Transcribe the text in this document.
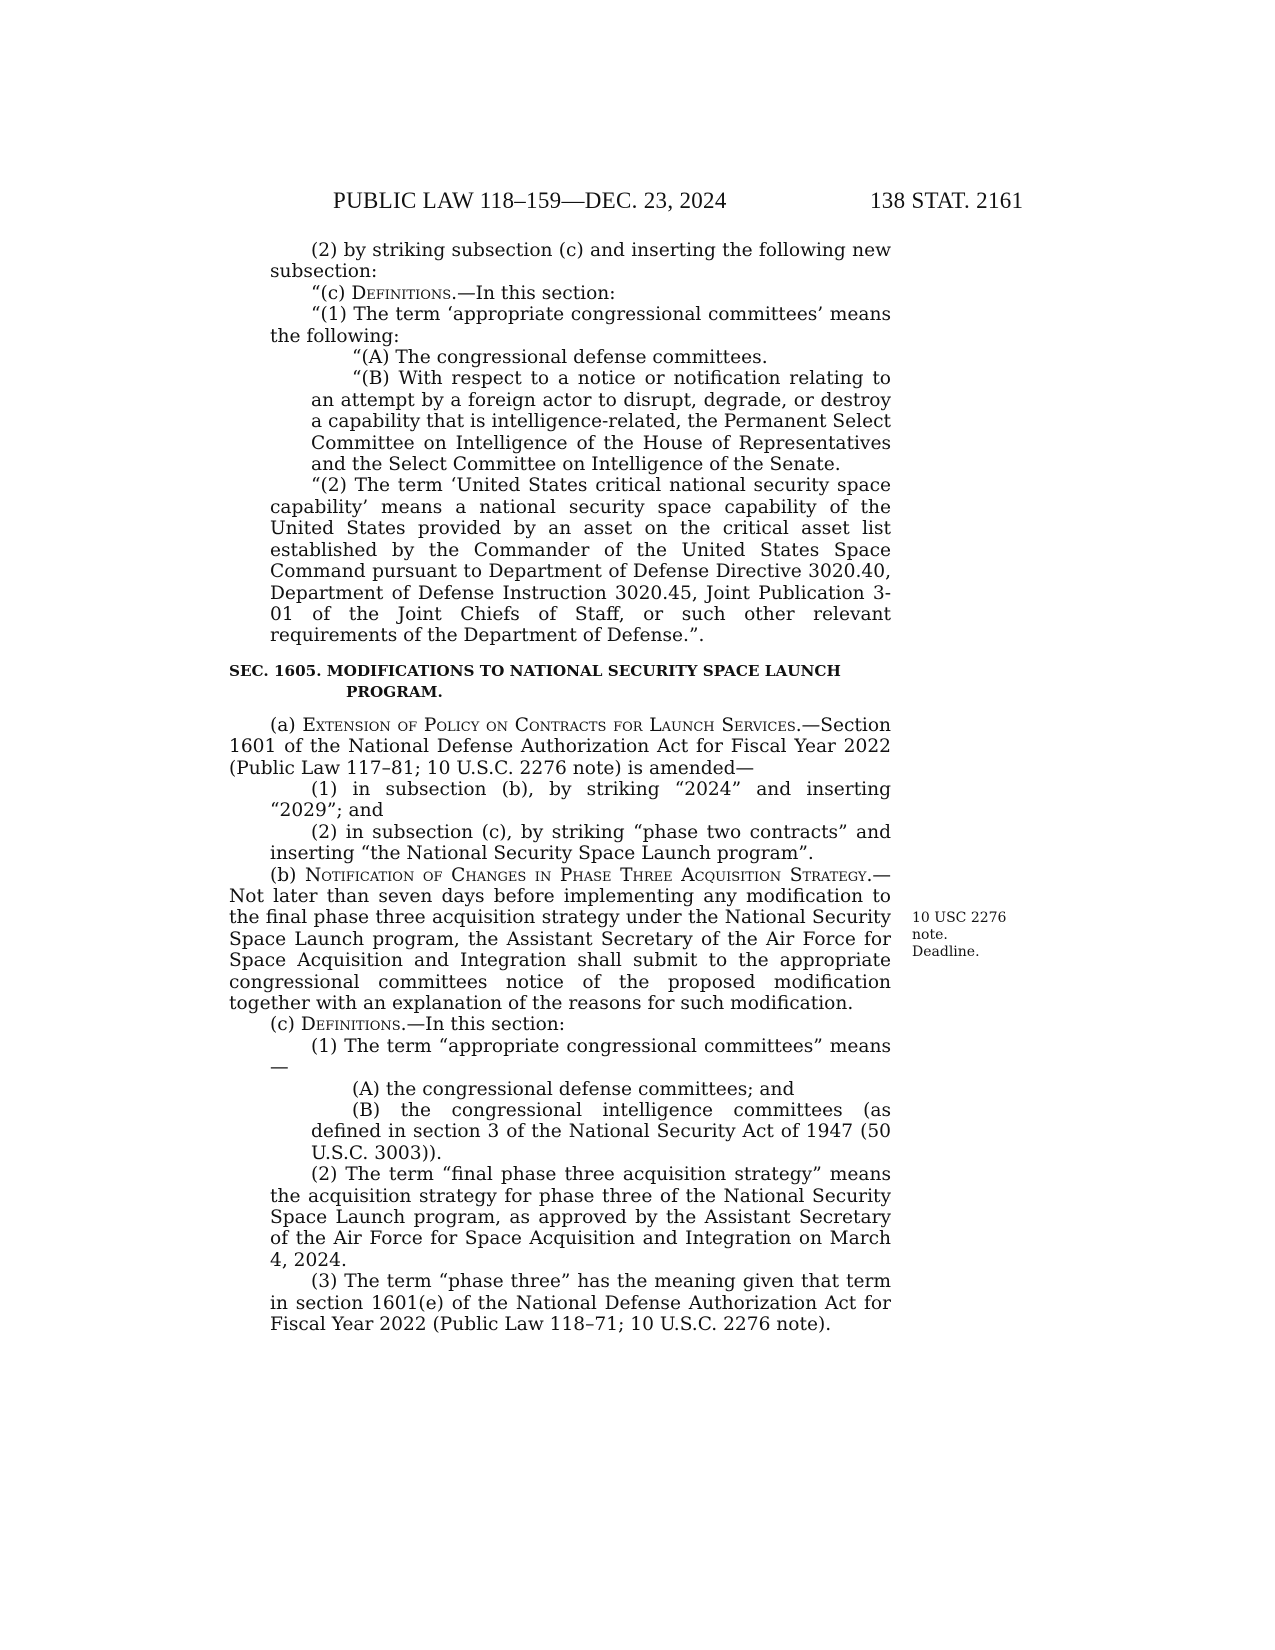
PUBLIC LAW 118–159—DEC. 23, 2024	138 STAT. 2161

(2) by striking subsection (c) and inserting the following new subsection:

“(c) Definitions.—In this section:

“(1) The term ‘appropriate congressional committees’ means the following:

“(A) The congressional defense committees.

“(B) With respect to a notice or notification relating to an attempt by a foreign actor to disrupt, degrade, or destroy a capability that is intelligence-related, the Permanent Select Committee on Intelligence of the House of Representatives and the Select Committee on Intelligence of the Senate.

“(2) The term ‘United States critical national security space capability’ means a national security space capability of the United States provided by an asset on the critical asset list established by the Commander of the United States Space Command pursuant to Department of Defense Directive 3020.40, Department of Defense Instruction 3020.45, Joint Publication 3-01 of the Joint Chiefs of Staff, or such other relevant requirements of the Department of Defense.”.

SEC. 1605. MODIFICATIONS TO NATIONAL SECURITY SPACE LAUNCH
PROGRAM.

(a) Extension of Policy on Contracts for Launch Services.—Section 1601 of the National Defense Authorization Act for Fiscal Year 2022 (Public Law 117–81; 10 U.S.C. 2276 note) is amended—

(1) in subsection (b), by striking “2024” and inserting “2029”; and

(2) in subsection (c), by striking “phase two contracts” and inserting “the National Security Space Launch program”.

(b) Notification of Changes in Phase Three Acquisition Strategy.—Not later than seven days before implementing any modification to the final phase three acquisition strategy under the National Security Space Launch program, the Assistant Secretary of the Air Force for Space Acquisition and Integration shall submit to the appropriate congressional committees notice of the proposed modification together with an explanation of the reasons for such modification.

(c) Definitions.—In this section:

(1) The term “appropriate congressional committees” means—

(A) the congressional defense committees; and

(B) the congressional intelligence committees (as defined in section 3 of the National Security Act of 1947 (50 U.S.C. 3003)).

(2) The term “final phase three acquisition strategy” means the acquisition strategy for phase three of the National Security Space Launch program, as approved by the Assistant Secretary of the Air Force for Space Acquisition and Integration on March 4, 2024.

(3) The term “phase three” has the meaning given that term in section 1601(e) of the National Defense Authorization Act for Fiscal Year 2022 (Public Law 118–71; 10 U.S.C. 2276 note).

10 USC 2276
note.
Deadline.
